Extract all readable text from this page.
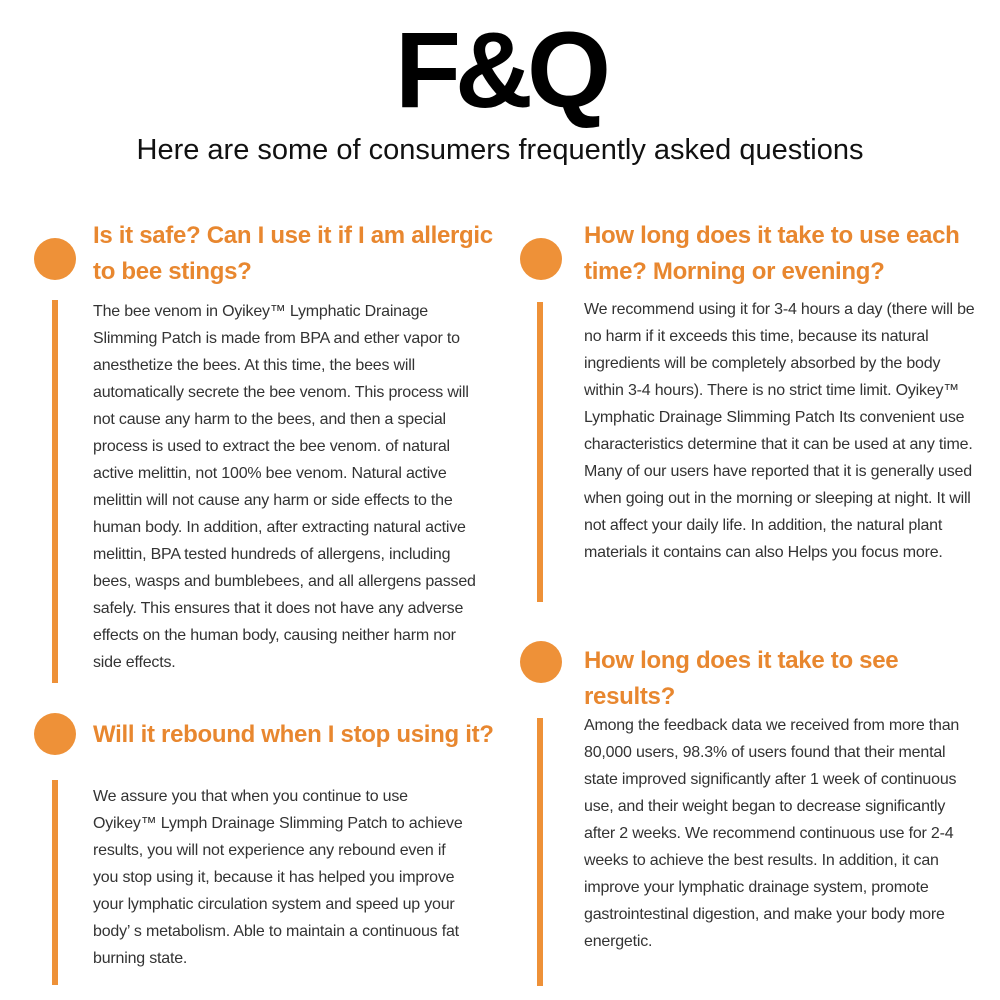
F&Q
Here are some of consumers frequently asked questions
Is it safe? Can I use it if I am allergic to bee stings?
The bee venom in Oyikey™ Lymphatic Drainage Slimming Patch is made from BPA and ether vapor to anesthetize the bees. At this time, the bees will automatically secrete the bee venom. This process will not cause any harm to the bees, and then a special process is used to extract the bee venom. of natural active melittin, not 100% bee venom. Natural active melittin will not cause any harm or side effects to the human body. In addition, after extracting natural active melittin, BPA tested hundreds of allergens, including bees, wasps and bumblebees, and all allergens passed safely. This ensures that it does not have any adverse effects on the human body, causing neither harm nor side effects.
How long does it take to use each time? Morning or evening?
We recommend using it for 3-4 hours a day (there will be no harm if it exceeds this time, because its natural ingredients will be completely absorbed by the body within 3-4 hours). There is no strict time limit. Oyikey™ Lymphatic Drainage Slimming Patch Its convenient use characteristics determine that it can be used at any time. Many of our users have reported that it is generally used when going out in the morning or sleeping at night. It will not affect your daily life. In addition, the natural plant materials it contains can also Helps you focus more.
Will it rebound when I stop using it?
We assure you that when you continue to use Oyikey™ Lymph Drainage Slimming Patch to achieve results, you will not experience any rebound even if you stop using it, because it has helped you improve your lymphatic circulation system and speed up your body’ s metabolism. Able to maintain a continuous fat burning state.
How long does it take to see results?
Among the feedback data we received from more than 80,000 users, 98.3% of users found that their mental state improved significantly after 1 week of continuous use, and their weight began to decrease significantly after 2 weeks. We recommend continuous use for 2-4 weeks to achieve the best results. In addition, it can improve your lymphatic drainage system, promote gastrointestinal digestion, and make your body more energetic.
